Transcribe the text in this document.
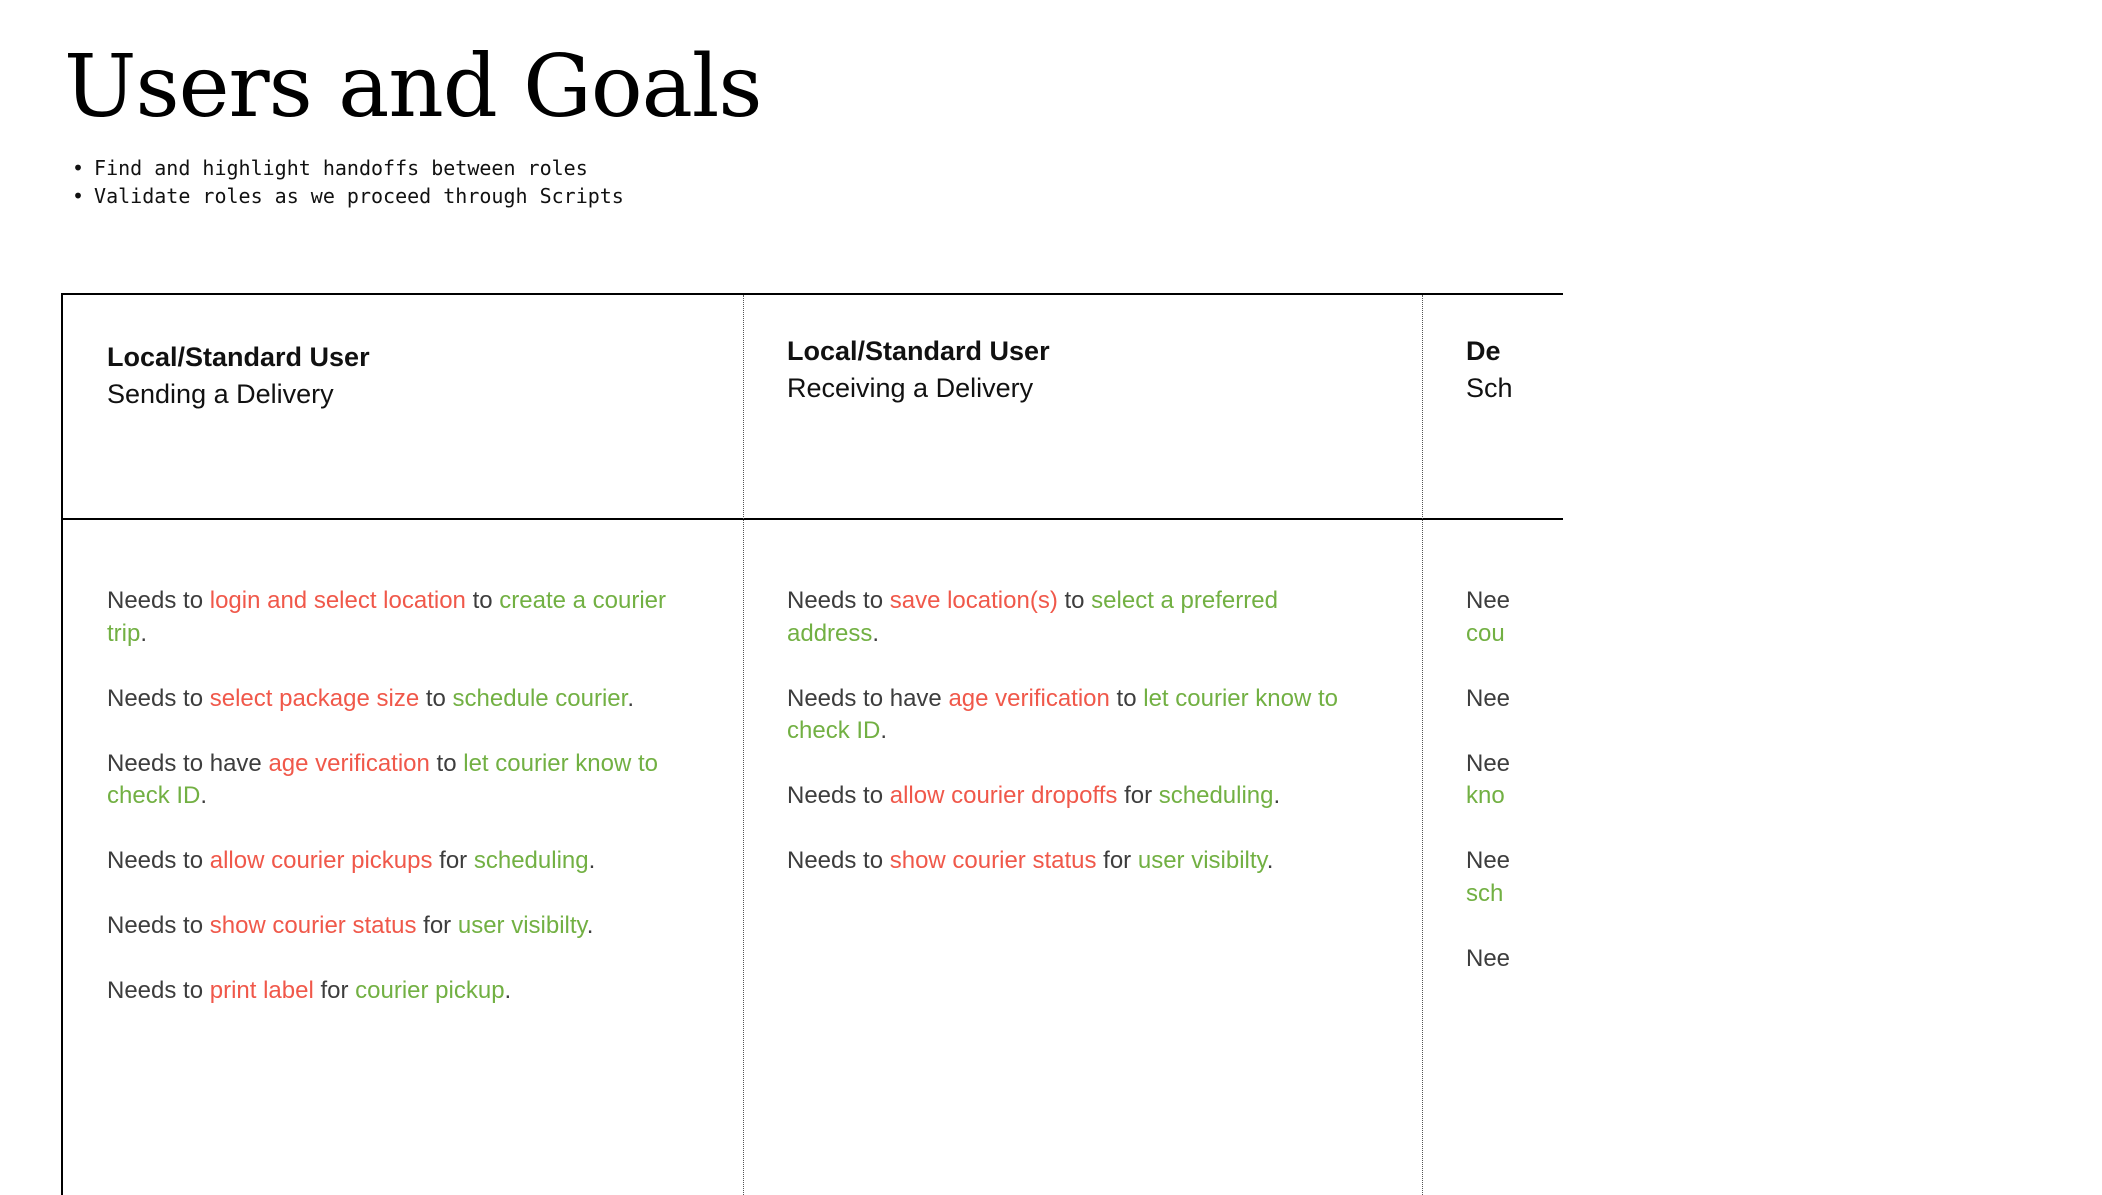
Users and Goals
• Find and highlight handoffs between roles
• Validate roles as we proceed through Scripts
Local/Standard User
Sending a Delivery
Needs to login and select location to create a courier trip.
Needs to select package size to schedule courier.
Needs to have age verification to let courier know to check ID.
Needs to allow courier pickups for scheduling.
Needs to show courier status for user visibilty.
Needs to print label for courier pickup.
Local/Standard User
Receiving a Delivery
Needs to save location(s) to select a preferred address.
Needs to have age verification to let courier know to check ID.
Needs to allow courier dropoffs for scheduling.
Needs to show courier status for user visibilty.
De
Sch
Nee
cou
Nee
Nee
kno
Nee
sch
Nee
